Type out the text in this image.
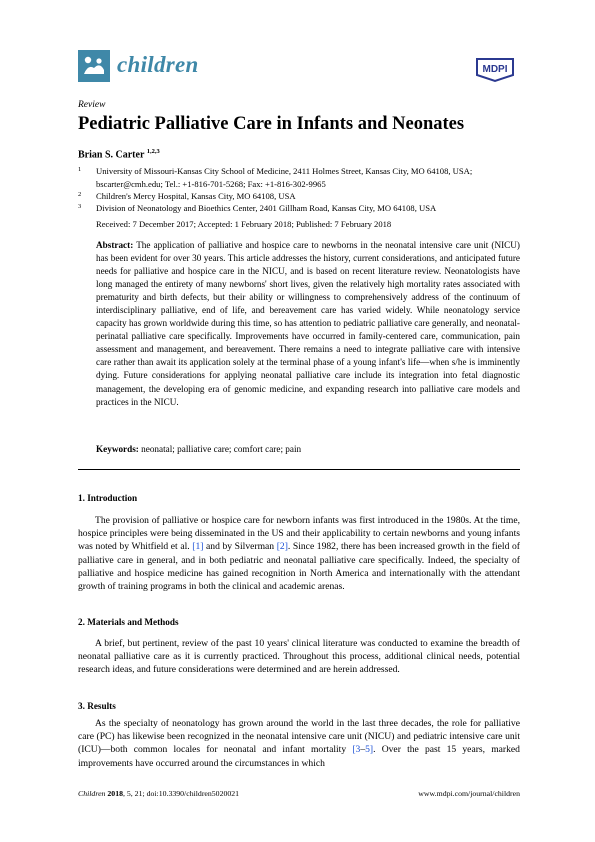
children	MDPI
Review
Pediatric Palliative Care in Infants and Neonates
Brian S. Carter $^{1,2,3}$
1 University of Missouri-Kansas City School of Medicine, 2411 Holmes Street, Kansas City, MO 64108, USA; bscarter@cmh.edu; Tel.: +1-816-701-5268; Fax: +1-816-302-9965
2 Children's Mercy Hospital, Kansas City, MO 64108, USA
3 Division of Neonatology and Bioethics Center, 2401 Gillham Road, Kansas City, MO 64108, USA
Received: 7 December 2017; Accepted: 1 February 2018; Published: 7 February 2018
Abstract: The application of palliative and hospice care to newborns in the neonatal intensive care unit (NICU) has been evident for over 30 years. This article addresses the history, current considerations, and anticipated future needs for palliative and hospice care in the NICU, and is based on recent literature review. Neonatologists have long managed the entirety of many newborns' short lives, given the relatively high mortality rates associated with prematurity and birth defects, but their ability or willingness to comprehensively address of the continuum of interdisciplinary palliative, end of life, and bereavement care has varied widely. While neonatology service capacity has grown worldwide during this time, so has attention to pediatric palliative care generally, and neonatal-perinatal palliative care specifically. Improvements have occurred in family-centered care, communication, pain assessment and management, and bereavement. There remains a need to integrate palliative care with intensive care rather than await its application solely at the terminal phase of a young infant's life—when s/he is imminently dying. Future considerations for applying neonatal palliative care include its integration into fetal diagnostic management, the developing era of genomic medicine, and expanding research into palliative care models and practices in the NICU.
Keywords: neonatal; palliative care; comfort care; pain
1. Introduction
The provision of palliative or hospice care for newborn infants was first introduced in the 1980s. At the time, hospice principles were being disseminated in the US and their applicability to certain newborns and young infants was noted by Whitfield et al. [1] and by Silverman [2]. Since 1982, there has been increased growth in the field of palliative care in general, and in both pediatric and neonatal palliative care specifically. Indeed, the specialty of palliative and hospice medicine has gained recognition in North America and internationally with the attendant growth of training programs in both the clinical and academic arenas.
2. Materials and Methods
A brief, but pertinent, review of the past 10 years' clinical literature was conducted to examine the breadth of neonatal palliative care as it is currently practiced. Throughout this process, additional clinical needs, potential research ideas, and future considerations were determined and are herein addressed.
3. Results
As the specialty of neonatology has grown around the world in the last three decades, the role for palliative care (PC) has likewise been recognized in the neonatal intensive care unit (NICU) and pediatric intensive care unit (ICU)—both common locales for neonatal and infant mortality [3–5]. Over the past 15 years, marked improvements have occurred around the circumstances in which
Children 2018, 5, 21; doi:10.3390/children5020021	www.mdpi.com/journal/children
